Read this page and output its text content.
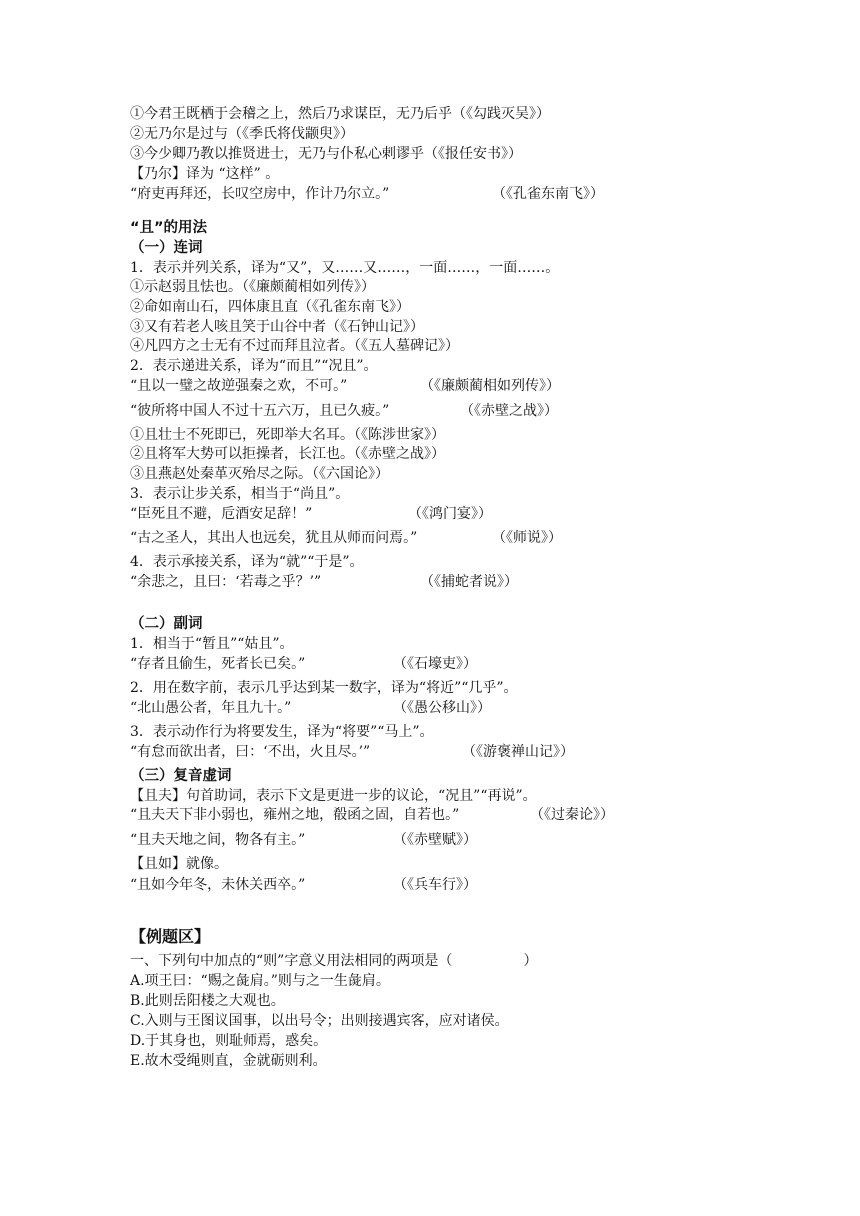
①今君王既栖于会稽之上，然后乃求谋臣，无乃后乎（《勾践灭吴》）
②无乃尔是过与（《季氏将伐颛臾》）
③今少卿乃教以推贤进士，无乃与仆私心剌谬乎（《报任安书》）
【乃尔】译为 “这样” 。
“府吏再拜还，长叹空房中，作计乃尔立。”	（《孔雀东南飞》）
“且”的用法
（一）连词
1．表示并列关系，译为“又”，又……又……，一面……，一面……。
①示赵弱且怯也。（《廉颇蔺相如列传》）
②命如南山石，四体康且直（《孔雀东南飞》）
③又有若老人咳且笑于山谷中者（《石钟山记》）
④凡四方之士无有不过而拜且泣者。（《五人墓碑记》）
2．表示递进关系，译为“而且”“况且”。
“且以一璧之故逆强秦之欢，不可。”	（《廉颇蔺相如列传》）
“彼所将中国人不过十五六万，且已久疲。”	（《赤壁之战》）
①且壮士不死即已，死即举大名耳。（《陈涉世家》）
②且将军大势可以拒操者，长江也。（《赤壁之战》）
③且燕赵处秦革灭殆尽之际。（《六国论》）
3．表示让步关系，相当于“尚且”。
“臣死且不避，卮酒安足辞！”	（《鸿门宴》）
“古之圣人，其出人也远矣，犹且从师而问焉。”	（《师说》）
4．表示承接关系，译为“就”“于是”。
“余悲之，且曰：‘若毒之乎？’”	（《捕蛇者说》）
（二）副词
1．相当于“暂且”“姑且”。
“存者且偷生，死者长已矣。”	（《石壕吏》）
2．用在数字前，表示几乎达到某一数字，译为“将近”“几乎”。
“北山愚公者，年且九十。”	（《愚公移山》）
3．表示动作行为将要发生，译为“将要”“马上”。
“有怠而欲出者，曰：‘不出，火且尽。’”	（《游褒禅山记》）
（三）复音虚词
【且夫】句首助词，表示下文是更进一步的议论，“况且”“再说”。
“且夫天下非小弱也，雍州之地，殽函之固，自若也。”	（《过秦论》）
“且夫天地之间，物各有主。”	（《赤壁赋》）
【且如】就像。
“且如今年冬，未休关西卒。”	（《兵车行》）
【例题区】
一、下列句中加点的“则”字意义用法相同的两项是（                ）
A.项王曰：“赐之彘肩。”则与之一生彘肩。
B.此则岳阳楼之大观也。
C.入则与王图议国事，以出号令；出则接遇宾客，应对诸侯。
D.于其身也，则耻师焉，惑矣。
E.故木受绳则直，金就砺则利。
